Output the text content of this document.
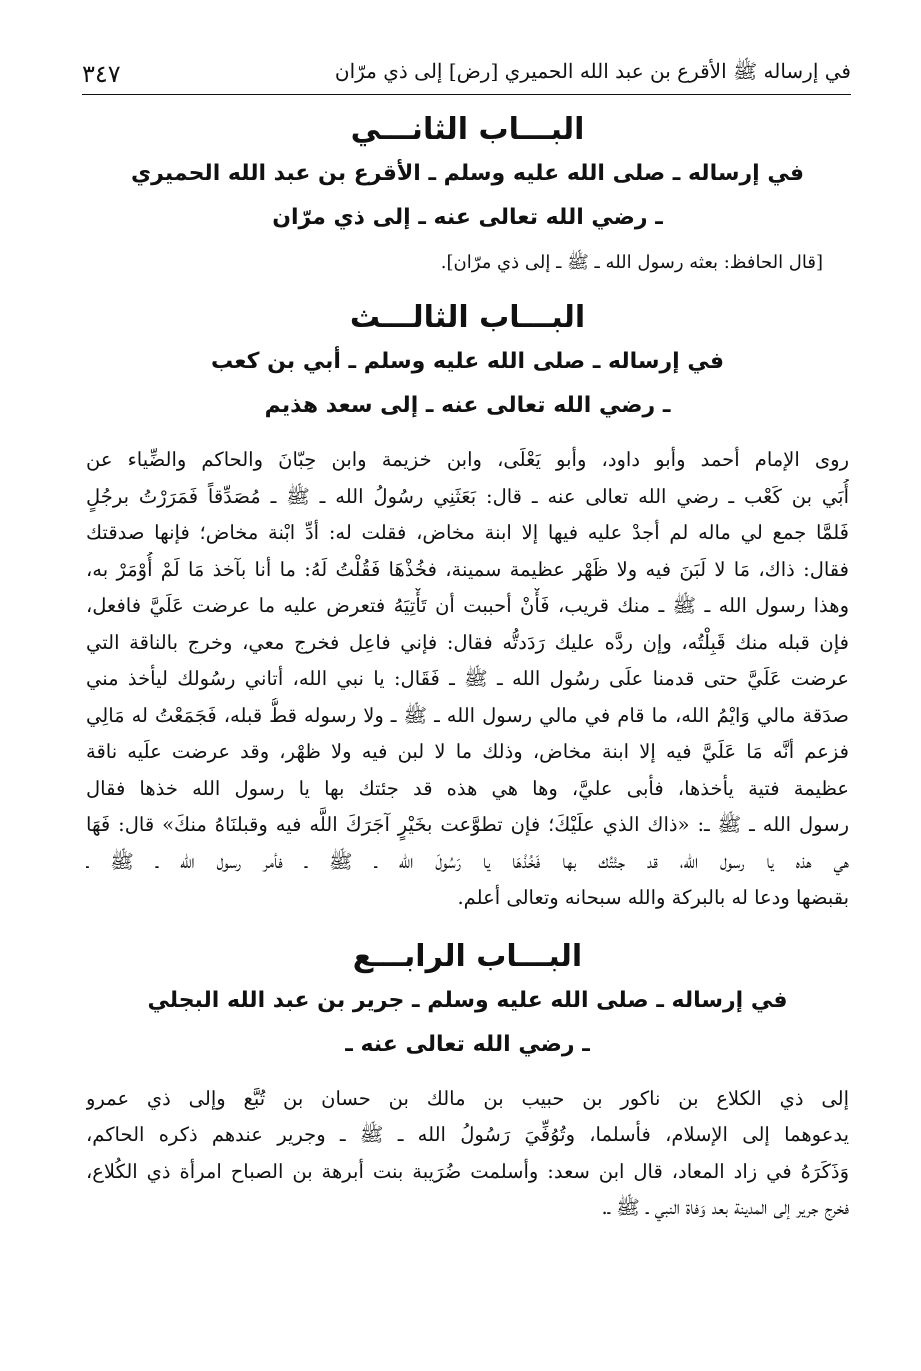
٣٤٧	في إرساله ﷺ الأقرع بن عبد الله الحميري [رض] إلى ذي مرّان
البـــاب الثانـــي

في إرساله ـ صلى الله عليه وسلم ـ الأقرع بن عبد الله الحميري

ـ رضي الله تعالى عنه ـ إلى ذي مرّان

[قال الحافظ: بعثه رسول الله ـ ﷺ ـ إلى ذي مرّان].

البـــاب الثالـــث

في إرساله ـ صلى الله عليه وسلم ـ أبي بن كعب

ـ رضي الله تعالى عنه ـ إلى سعد هذيم

روى الإمام أحمد وأبو داود، وأبو يَعْلَى، وابن خزيمة وابن حِبّانَ والحاكم والضِّياء عن

أُبَي بن كَعْب ـ رضي الله تعالى عنه ـ قال: بَعَثَنِي رسُولُ الله ـ ﷺ ـ مُصَدِّقاً فَمَرَرْتُ برجُلٍ

فَلمَّا جمع لي ماله لم أجدْ عليه فيها إلا ابنة مخاض، فقلت له: أدِّ ابْنة مخاض؛ فإنها صدقتك

فقال: ذاك، مَا لا لَبَنَ فيه ولا ظَهْر عظيمة سمينة، فخُذْهَا فَقُلْتُ لَهُ: ما أنا بآخذ مَا لَمْ أُوْمَرْ به،

وهذا رسول الله ـ ﷺ ـ منك قريب، فَأْنْ أحببت أن تَأْتِيَهُ فتعرض عليه ما عرضت عَلَيَّ فافعل،

فإن قبله منك قَبِلْتُه، وإن ردَّه عليك رَدَدتُّه فقال: فإني فاعِل فخرج معي، وخرج بالناقة التي

عرضت عَلَيَّ حتى قدمنا علَى رسُول الله ـ ﷺ ـ فَقَال: يا نبي الله، أتاني رسُولك ليأخذ مني

صدَقة مالي وَايْمُ الله، ما قام في مالي رسول الله ـ ﷺ ـ ولا رسوله قطُّ قبله، فَجَمَعْتُ له مَالِي

فزعم أنَّه مَا عَلَيَّ فيه إلا ابنة مخاض، وذلك ما لا لبن فيه ولا ظهْر، وقد عرضت علَيه ناقة

عظيمة فتية يأخذها، فأبى عليَّ، وها هي هذه قد جئتك بها يا رسول الله خذها فقال

رسول الله ـ ﷺ ـ: «ذاك الذي علَيْكَ؛ فإن تطوَّعت بخَيْرٍ آجَرَكَ اللَّه فيه وقبلنَاهُ منكَ» قال: فَهَا

هي هذه يا رسول الله، قد جئْتُك بها فَخُذْهَا يا رَسُولَ الله ـ ﷺ ـ فأمر رسول الله ـ ﷺ ـ

بقبضها ودعا له بالبركة والله سبحانه وتعالى أعلم.

البـــاب الرابـــع

في إرساله ـ صلى الله عليه وسلم ـ جرير بن عبد الله البجلي

ـ رضي الله تعالى عنه ـ

إلى ذي الكلاع بن ناكور بن حبيب بن مالك بن حسان بن تُبَّع وإلى ذي عمرو

يدعوهما إلى الإسلام، فأسلما، وتُوُفِّيَ رَسُولُ الله ـ ﷺ ـ وجرير عندهم ذكره الحاكم،

وَذَكَرَهُ في زاد المعاد، قال ابن سعد: وأسلمت ضُرَيبة بنت أبرهة بن الصباح امرأة ذي الكُلاع،

فخرج جرير إلى المدينة بعد وَفاة النبي ـ ﷺ ـ.
